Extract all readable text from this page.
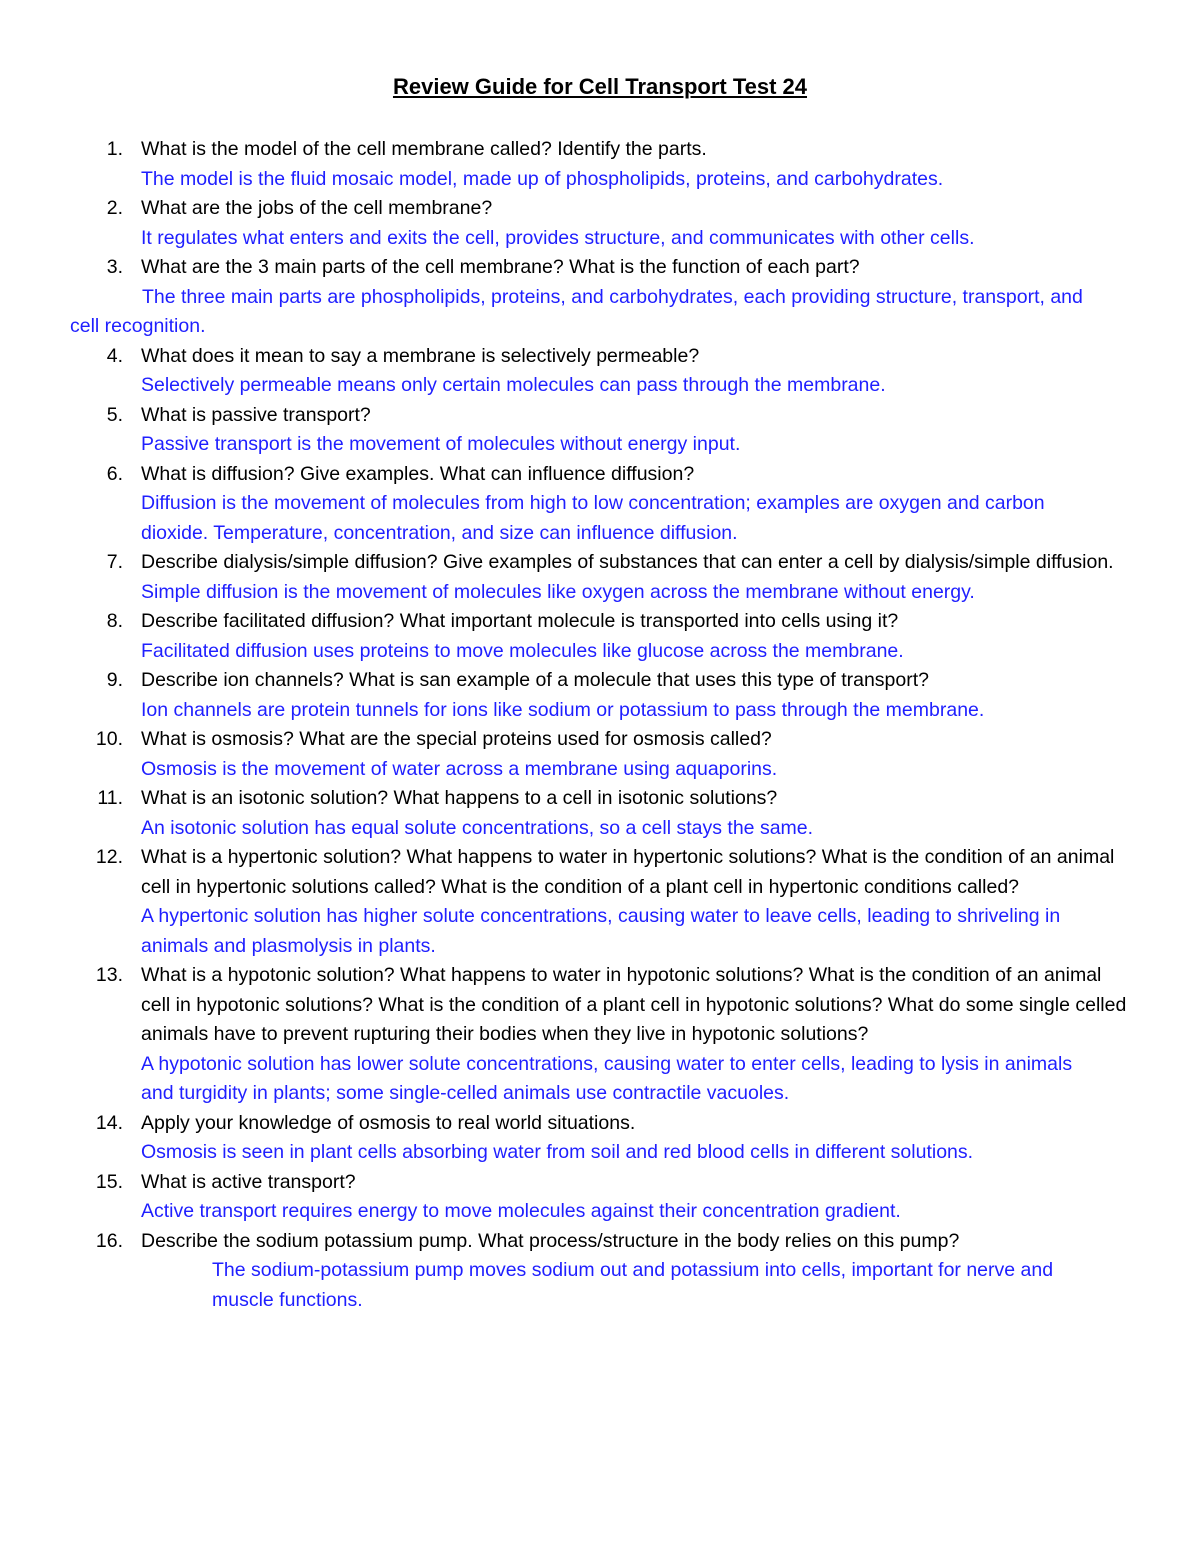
Review Guide for Cell Transport Test 24
1. What is the model of the cell membrane called? Identify the parts.
The model is the fluid mosaic model, made up of phospholipids, proteins, and carbohydrates.
2. What are the jobs of the cell membrane?
It regulates what enters and exits the cell, provides structure, and communicates with other cells.
3. What are the 3 main parts of the cell membrane? What is the function of each part?
The three main parts are phospholipids, proteins, and carbohydrates, each providing structure, transport, and cell recognition.
4. What does it mean to say a membrane is selectively permeable?
Selectively permeable means only certain molecules can pass through the membrane.
5. What is passive transport?
Passive transport is the movement of molecules without energy input.
6. What is diffusion? Give examples. What can influence diffusion?
Diffusion is the movement of molecules from high to low concentration; examples are oxygen and carbon dioxide. Temperature, concentration, and size can influence diffusion.
7. Describe dialysis/simple diffusion? Give examples of substances that can enter a cell by dialysis/simple diffusion. Simple diffusion is the movement of molecules like oxygen across the membrane without energy.
8. Describe facilitated diffusion? What important molecule is transported into cells using it?
Facilitated diffusion uses proteins to move molecules like glucose across the membrane.
9. Describe ion channels? What is san example of a molecule that uses this type of transport?
Ion channels are protein tunnels for ions like sodium or potassium to pass through the membrane.
10. What is osmosis? What are the special proteins used for osmosis called?
Osmosis is the movement of water across a membrane using aquaporins.
11. What is an isotonic solution? What happens to a cell in isotonic solutions?
An isotonic solution has equal solute concentrations, so a cell stays the same.
12. What is a hypertonic solution? What happens to water in hypertonic solutions? What is the condition of an animal cell in hypertonic solutions called? What is the condition of a plant cell in hypertonic conditions called?
A hypertonic solution has higher solute concentrations, causing water to leave cells, leading to shriveling in animals and plasmolysis in plants.
13. What is a hypotonic solution? What happens to water in hypotonic solutions? What is the condition of an animal cell in hypotonic solutions? What is the condition of a plant cell in hypotonic solutions? What do some single celled animals have to prevent rupturing their bodies when they live in hypotonic solutions?
A hypotonic solution has lower solute concentrations, causing water to enter cells, leading to lysis in animals and turgidity in plants; some single-celled animals use contractile vacuoles.
14. Apply your knowledge of osmosis to real world situations.
Osmosis is seen in plant cells absorbing water from soil and red blood cells in different solutions.
15. What is active transport?
Active transport requires energy to move molecules against their concentration gradient.
16. Describe the sodium potassium pump. What process/structure in the body relies on this pump?
The sodium-potassium pump moves sodium out and potassium into cells, important for nerve and muscle functions.
